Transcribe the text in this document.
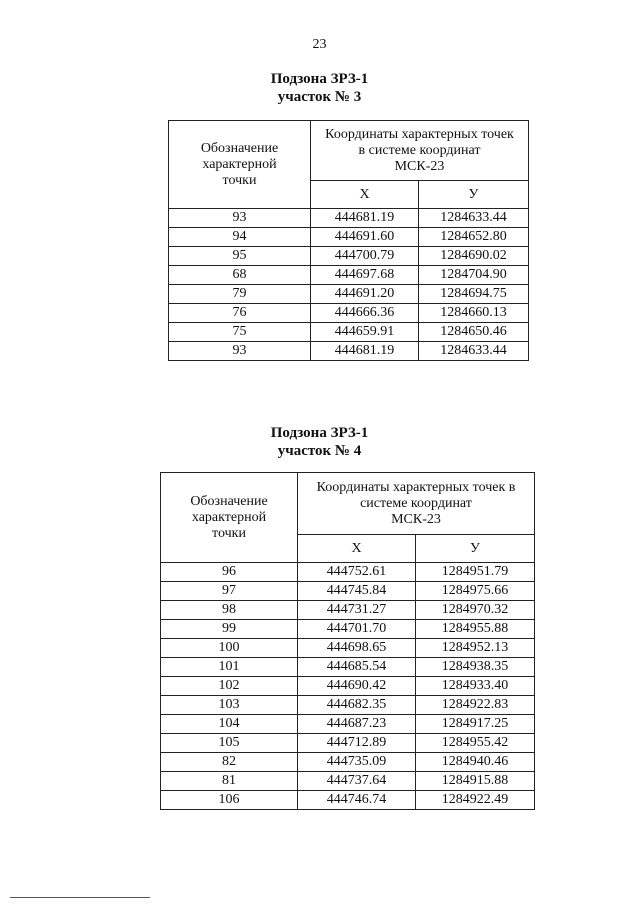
23
Подзона ЗРЗ-1
участок № 3
Обозначение
характерной
точки	Координаты характерных точек
в системе координат
МСК-23	

	X	У
93	444681.19	1284633.44
94	444691.60	1284652.80
95	444700.79	1284690.02
68	444697.68	1284704.90
79	444691.20	1284694.75
76	444666.36	1284660.13
75	444659.91	1284650.46
93	444681.19	1284633.44
Подзона ЗРЗ-1
участок № 4
Обозначение
характерной
точки	Координаты характерных точек в
системе координат
МСК-23	

	X	У
96	444752.61	1284951.79
97	444745.84	1284975.66
98	444731.27	1284970.32
99	444701.70	1284955.88
100	444698.65	1284952.13
101	444685.54	1284938.35
102	444690.42	1284933.40
103	444682.35	1284922.83
104	444687.23	1284917.25
105	444712.89	1284955.42
82	444735.09	1284940.46
81	444737.64	1284915.88
106	444746.74	1284922.49
